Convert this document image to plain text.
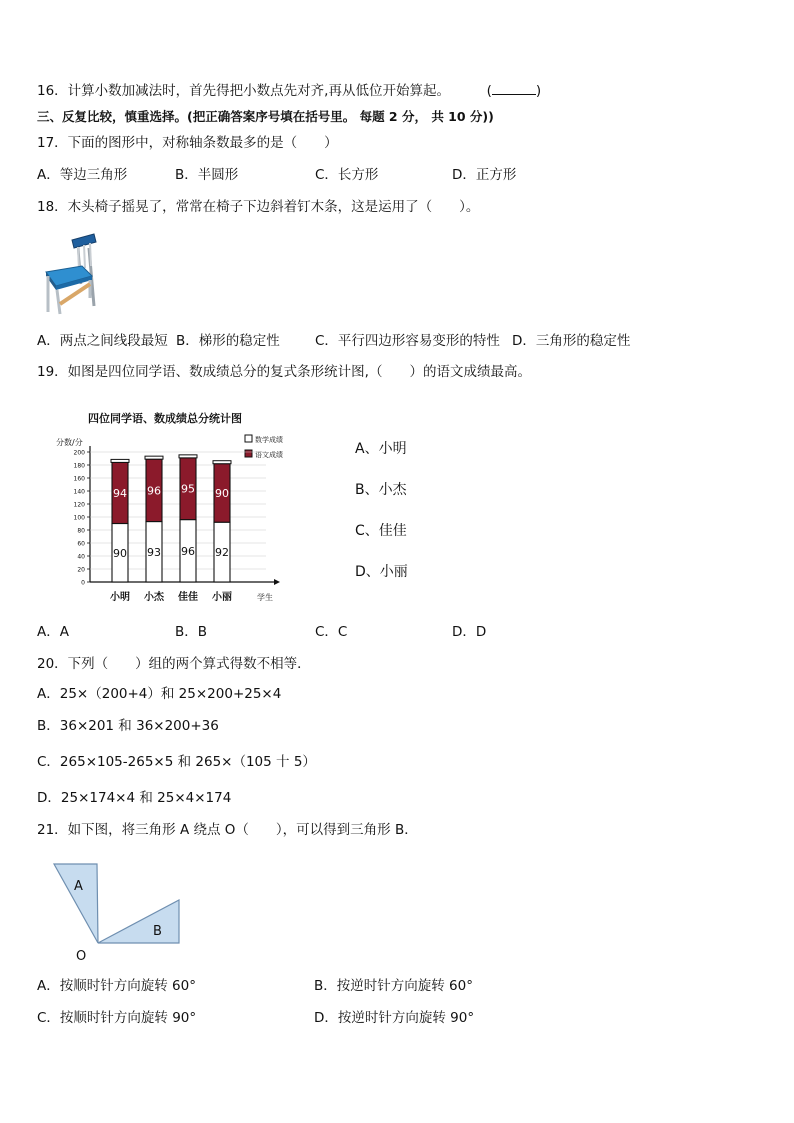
16．计算小数加减法时，首先得把小数点先对齐,再从低位开始算起。	(	)
三、反复比较，慎重选择。(把正确答案序号填在括号里。 每题 2 分， 共 10 分))
17．下面的图形中，对称轴条数最多的是（　　）
A．等边三角形	B．半圆形	C．长方形	D．正方形
18．木头椅子摇晃了，常常在椅子下边斜着钉木条，这是运用了（　　）。
A．两点之间线段最短 B．梯形的稳定性	C．平行四边形容易变形的特性 D．三角形的稳定性
19．如图是四位同学语、数成绩总分的复式条形统计图,（　　）的语文成绩最高。
四位同学语、数成绩总分统计图
分数/分
学生
数学成绩
语文成绩
0
20
40
60
80
100
120
140
160
180
200
90
94
93
96
96
95
92
90
小明 小杰 佳佳 小丽
A、小明
B、小杰
C、佳佳
D、小丽
A．A	B．B	C．C	D．D
20．下列（　　）组的两个算式得数不相等．
A．25×（200+4）和 25×200+25×4
B．36×201 和 36×200+36
C．265×105-265×5 和 265×（105 十 5）
D．25×174×4 和 25×4×174
21．如下图，将三角形 A 绕点 O（　　），可以得到三角形 B．
A
B
O
A．按顺时针方向旋转 60°	B．按逆时针方向旋转 60°
C．按顺时针方向旋转 90°	D．按逆时针方向旋转 90°
